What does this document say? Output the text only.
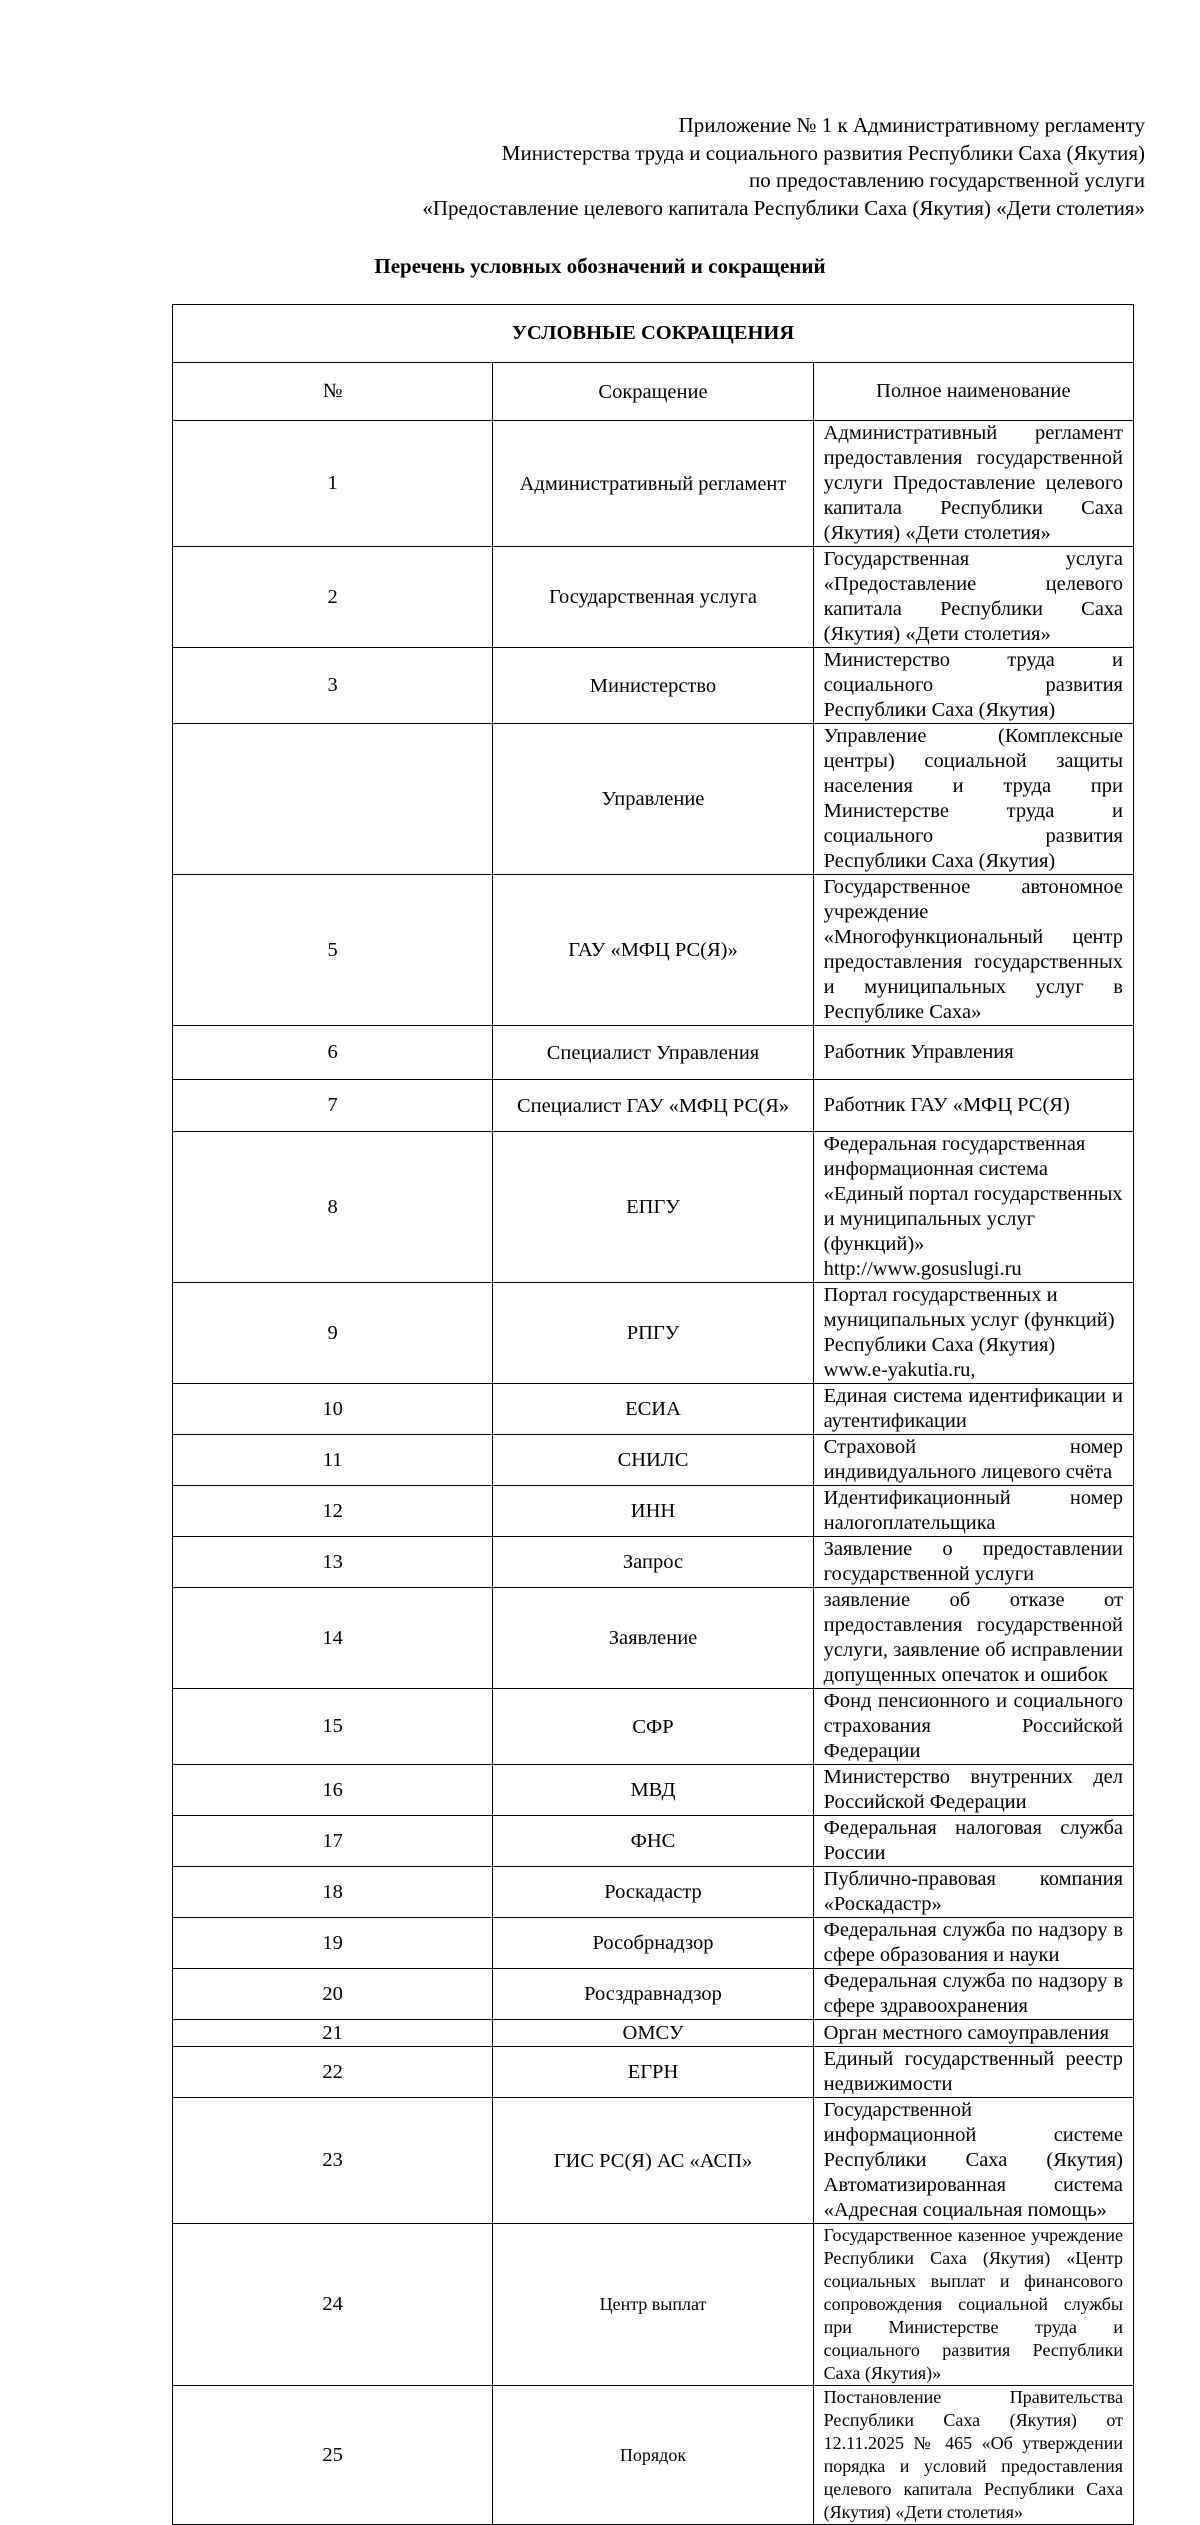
Приложение № 1 к Административному регламенту
Министерства труда и социального развития Республики Саха (Якутия)
по предоставлению государственной услуги
«Предоставление целевого капитала Республики Саха (Якутия) «Дети столетия»
Перечень условных обозначений и сокращений
УСЛОВНЫЕ СОКРАЩЕНИЯ		
№	Сокращение	Полное наименование
1	Административный регламент	Административный регламент предоставления государственной услуги Предоставление целевого капитала Республики Саха (Якутия) «Дети столетия»
2	Государственная услуга	Государственная услуга «Предоставление целевого капитала Республики Саха (Якутия) «Дети столетия»
3	Министерство	Министерство труда и социального развития Республики Саха (Якутия)
	Управление	Управление (Комплексные центры) социальной защиты населения и труда при Министерстве труда и социального развития Республики Саха (Якутия)
5	ГАУ «МФЦ РС(Я)»	Государственное автономное учреждение «Многофункциональный центр предоставления государственных и муниципальных услуг в Республике Саха»
6	Специалист Управления	Работник Управления
7	Специалист ГАУ «МФЦ РС(Я»	Работник ГАУ «МФЦ РС(Я)
8	ЕПГУ	Федеральная государственная информационная система «Единый портал государственных и муниципальных услуг (функций)» http://www.gosuslugi.ru
9	РПГУ	Портал государственных и муниципальных услуг (функций) Республики Саха (Якутия) www.e-yakutia.ru,
10	ЕСИА	Единая система идентификации и аутентификации
11	СНИЛС	Страховой номер индивидуального лицевого счёта
12	ИНН	Идентификационный номер налогоплательщика
13	Запрос	Заявление о предоставлении государственной услуги
14	Заявление	заявление об отказе от предоставления государственной услуги, заявление об исправлении допущенных опечаток и ошибок
15	СФР	Фонд пенсионного и социального страхования Российской Федерации
16	МВД	Министерство внутренних дел Российской Федерации
17	ФНС	Федеральная налоговая служба России
18	Роскадастр	Публично-правовая компания «Роскадастр»
19	Рособрнадзор	Федеральная служба по надзору в сфере образования и науки
20	Росздравнадзор	Федеральная служба по надзору в сфере здравоохранения
21	ОМСУ	Орган местного самоуправления
22	ЕГРН	Единый государственный реестр недвижимости
23	ГИС РС(Я) АС «АСП»	Государственной информационной системе Республики Саха (Якутия) Автоматизированная система «Адресная социальная помощь»
24	Центр выплат	Государственное казенное учреждение Республики Саха (Якутия) «Центр социальных выплат и финансового сопровождения социальной службы при Министерстве труда и социального развития Республики Саха (Якутия)»
25	Порядок	Постановление Правительства Республики Саха (Якутия) от 12.11.2025 № 465 «Об утверждении порядка и условий предоставления целевого капитала Республики Саха (Якутия) «Дети столетия»
